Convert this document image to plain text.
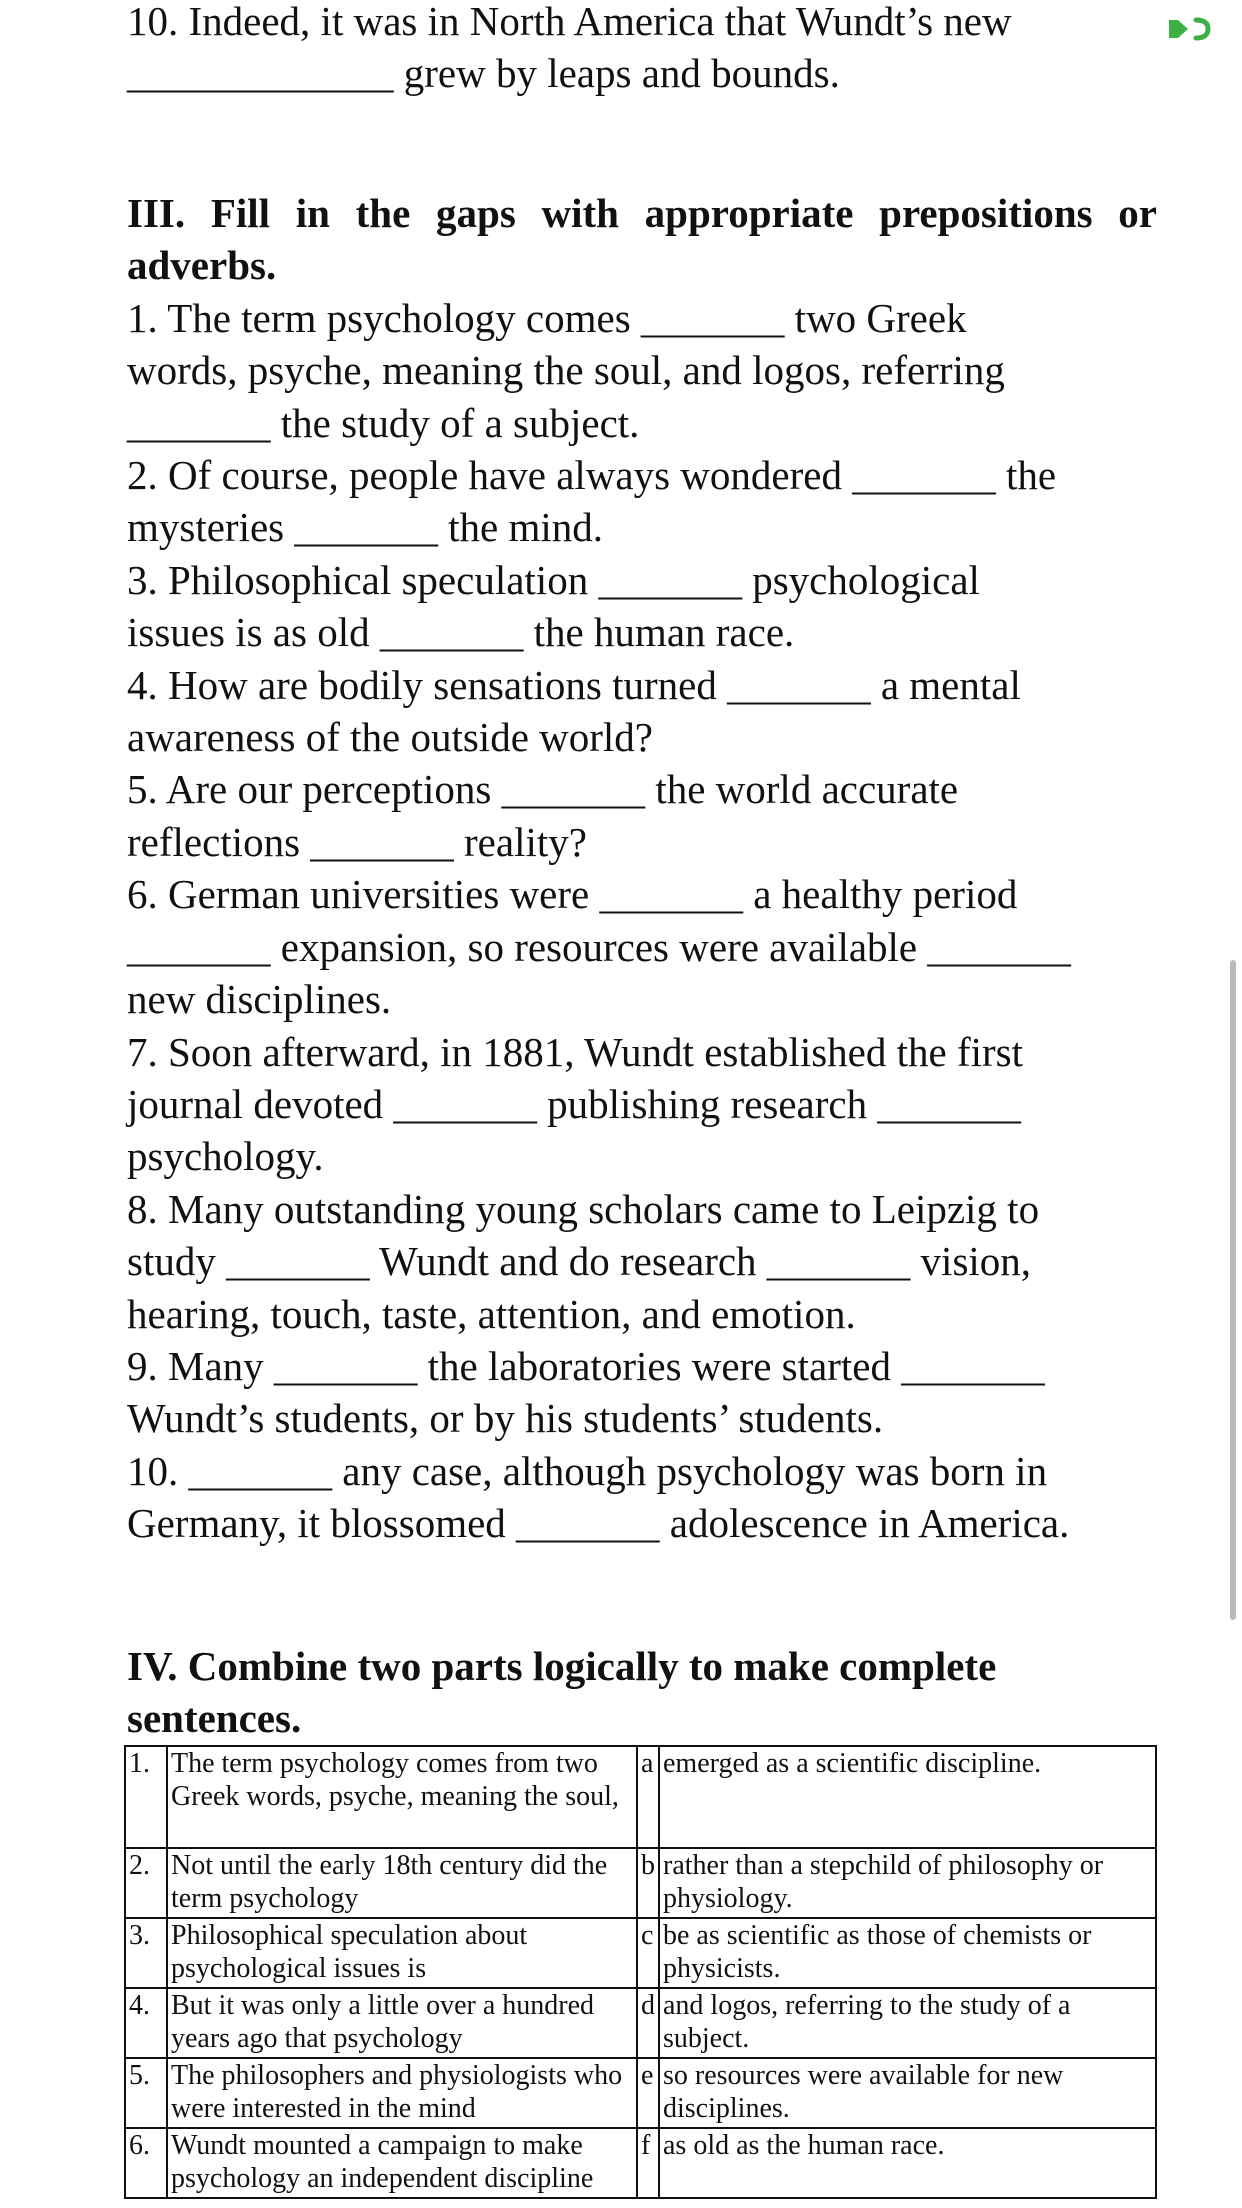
10. Indeed, it was in North America that Wundt’s new

_____________ grew by leaps and bounds.

III. Fill in the gaps with appropriate prepositions or

adverbs.

1. The term psychology comes _______ two Greek

words, psyche, meaning the soul, and logos, referring

_______ the study of a subject.

2. Of course, people have always wondered _______ the

mysteries _______ the mind.

3. Philosophical speculation _______ psychological

issues is as old _______ the human race.

4. How are bodily sensations turned _______ a mental

awareness of the outside world?

5. Are our perceptions _______ the world accurate

reflections _______ reality?

6. German universities were _______ a healthy period

_______ expansion, so resources were available _______

new disciplines.

7. Soon afterward, in 1881, Wundt established the first

journal devoted _______ publishing research _______

psychology.

8. Many outstanding young scholars came to Leipzig to

study _______ Wundt and do research _______ vision,

hearing, touch, taste, attention, and emotion.

9. Many _______ the laboratories were started _______

Wundt’s students, or by his students’ students.

10. _______ any case, although psychology was born in

Germany, it blossomed _______ adolescence in America.

IV. Combine two parts logically to make complete

sentences.

1.	The term psychology comes from two Greek words, psyche, meaning the soul,	a	emerged as a scientific discipline.
2.	Not until the early 18th century did the term psychology	b	rather than a stepchild of philosophy or physiology.
3.	Philosophical speculation about psychological issues is	c	be as scientific as those of chemists or physicists.
4.	But it was only a little over a hundred years ago that psychology	d	and logos, referring to the study of a subject.
5.	The philosophers and physiologists who were interested in the mind	e	so resources were available for new disciplines.
6.	Wundt mounted a campaign to make psychology an independent discipline	f	as old as the human race.
